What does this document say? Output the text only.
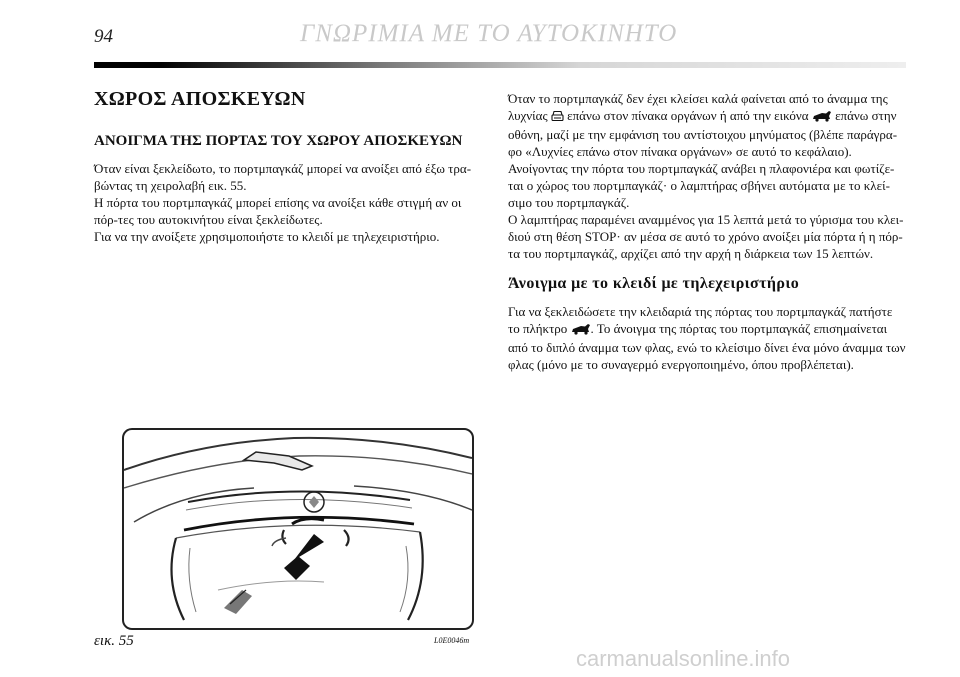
94	ΓΝΩΡΙΜΙΑ ΜΕ ΤΟ ΑΥΤΟΚΙΝΗΤΟ
ΧΩΡΟΣ ΑΠΟΣΚΕΥΩΝ
ΑΝΟΙΓΜΑ ΤΗΣ ΠΟΡΤΑΣ ΤΟΥ ΧΩΡΟΥ ΑΠΟΣΚΕΥΩΝ

Όταν είναι ξεκλείδωτο, το πορτμπαγκάζ μπορεί να ανοίξει από έξω τρα-βώντας τη χειρολαβή εικ. 55.

Η πόρτα του πορτμπαγκάζ μπορεί επίσης να ανοίξει κάθε στιγμή αν οι πόρ-τες του αυτοκινήτου είναι ξεκλείδωτες.

Για να την ανοίξετε χρησιμοποιήστε το κλειδί με τηλεχειριστήριο.

Όταν το πορτμπαγκάζ δεν έχει κλείσει καλά φαίνεται από το άναμμα της λυχνίας επάνω στον πίνακα οργάνων ή από την εικόνα επάνω στην οθόνη, μαζί με την εμφάνιση του αντίστοιχου μηνύματος (βλέπε παράγρα-φο «Λυχνίες επάνω στον πίνακα οργάνων» σε αυτό το κεφάλαιο).

Ανοίγοντας την πόρτα του πορτμπαγκάζ ανάβει η πλαφονιέρα και φωτίζε-ται ο χώρος του πορτμπαγκάζ· ο λαμπτήρας σβήνει αυτόματα με το κλεί-σιμο του πορτμπαγκάζ.

Ο λαμπτήρας παραμένει αναμμένος για 15 λεπτά μετά το γύρισμα του κλει-διού στη θέση STOP· αν μέσα σε αυτό το χρόνο ανοίξει μία πόρτα ή η πόρ-τα του πορτμπαγκάζ, αρχίζει από την αρχή η διάρκεια των 15 λεπτών.

Άνοιγμα με το κλειδί με τηλεχειριστήριο

Για να ξεκλειδώσετε την κλειδαριά της πόρτας του πορτμπαγκάζ πατήστε το πλήκτρο . Το άνοιγμα της πόρτας του πορτμπαγκάζ επισημαίνεται από το διπλό άναμμα των φλας, ενώ το κλείσιμο δίνει ένα μόνο άναμμα των φλας (μόνο με το συναγερμό ενεργοποιημένο, όπου προβλέπεται).

εικ. 55	L0E0046m
carmanualsonline.info
